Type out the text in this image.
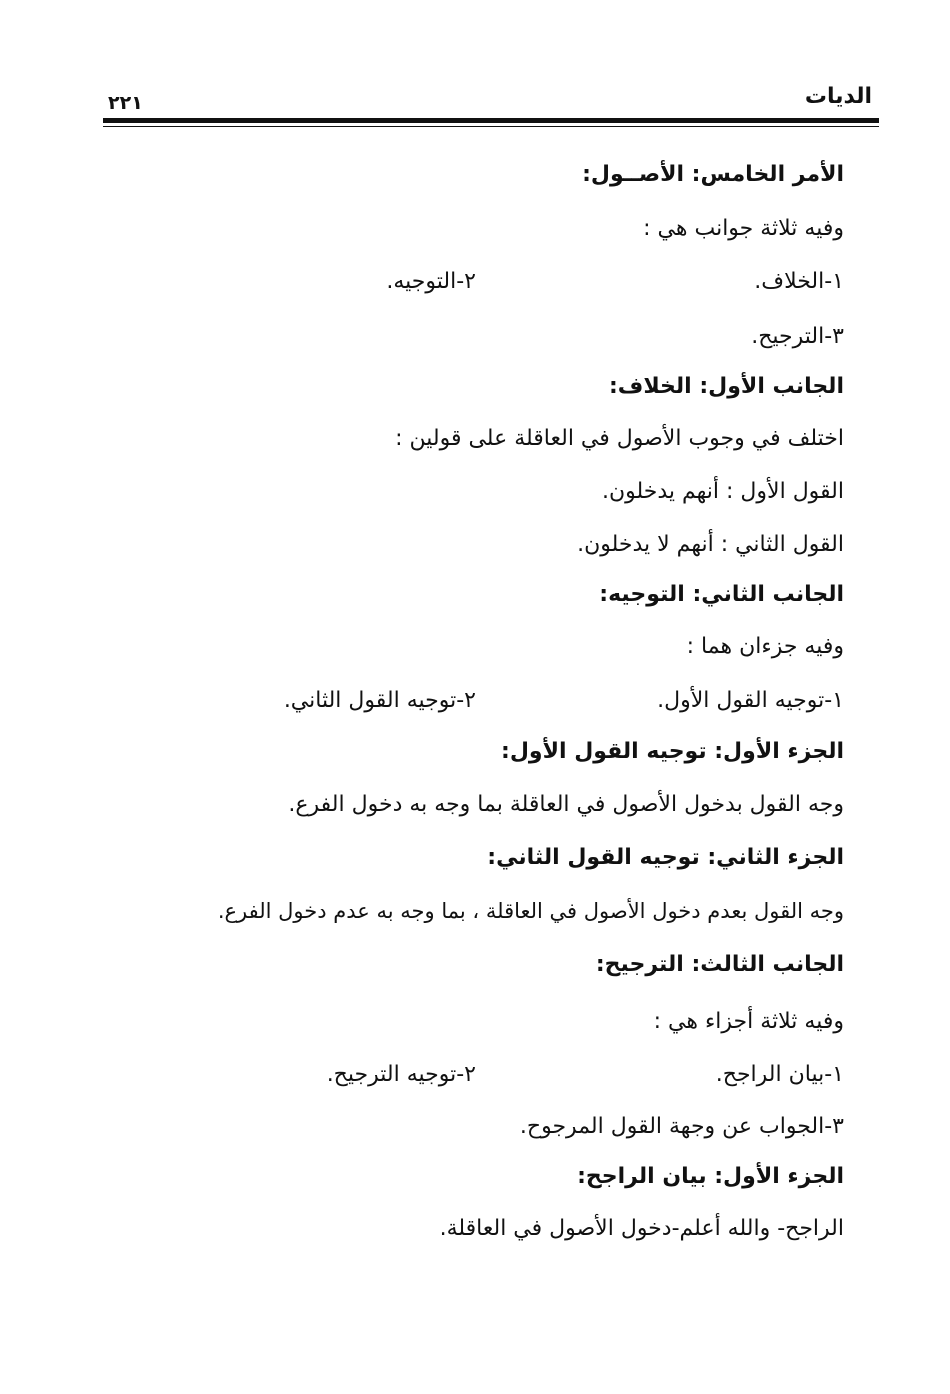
الديات
٢٢١
الأمر الخامس: الأصــول:
وفيه ثلاثة جوانب هي :
١-الخلاف.
٢-التوجيه.
٣-الترجيح.
الجانب الأول: الخلاف:
اختلف في وجوب الأصول في العاقلة على قولين :
القول الأول : أنهم يدخلون.
القول الثاني : أنهم لا يدخلون.
الجانب الثاني: التوجيه:
وفيه جزءان هما :
١-توجيه القول الأول.
٢-توجيه القول الثاني.
الجزء الأول: توجيه القول الأول:
وجه القول بدخول الأصول في العاقلة بما وجه به دخول الفرع.
الجزء الثاني: توجيه القول الثاني:
وجه القول بعدم دخول الأصول في العاقلة ، بما وجه به عدم دخول الفرع.
الجانب الثالث: الترجيح:
وفيه ثلاثة أجزاء هي :
١-بيان الراجح.
٢-توجيه الترجيح.
٣-الجواب عن وجهة القول المرجوح.
الجزء الأول: بيان الراجح:
الراجح- والله أعلم-دخول الأصول في العاقلة.
